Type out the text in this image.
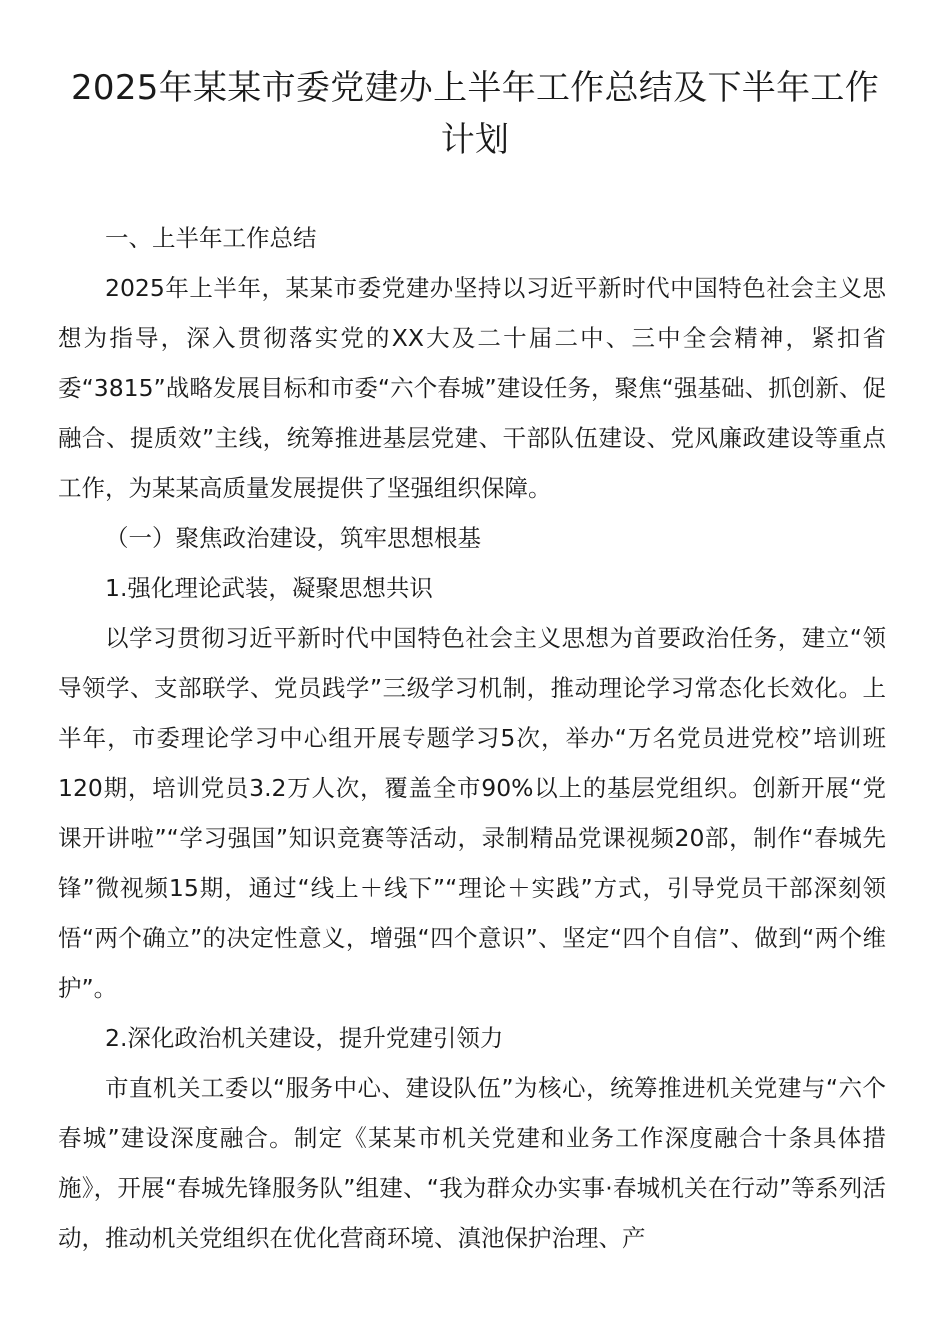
2025年某某市委党建办上半年工作总结及下半年工作计划

一、上半年工作总结

2025年上半年，某某市委党建办坚持以习近平新时代中国特色社会主义思想为指导，深入贯彻落实党的XX大及二十届二中、三中全会精神，紧扣省委“3815”战略发展目标和市委“六个春城”建设任务，聚焦“强基础、抓创新、促融合、提质效”主线，统筹推进基层党建、干部队伍建设、党风廉政建设等重点工作，为某某高质量发展提供了坚强组织保障。

（一）聚焦政治建设，筑牢思想根基

1.强化理论武装，凝聚思想共识

以学习贯彻习近平新时代中国特色社会主义思想为首要政治任务，建立“领导领学、支部联学、党员践学”三级学习机制，推动理论学习常态化长效化。上半年，市委理论学习中心组开展专题学习5次，举办“万名党员进党校”培训班120期，培训党员3.2万人次，覆盖全市90%以上的基层党组织。创新开展“党课开讲啦”“学习强国”知识竞赛等活动，录制精品党课视频20部，制作“春城先锋”微视频15期，通过“线上＋线下”“理论＋实践”方式，引导党员干部深刻领悟“两个确立”的决定性意义，增强“四个意识”、坚定“四个自信”、做到“两个维护”。

2.深化政治机关建设，提升党建引领力

市直机关工委以“服务中心、建设队伍”为核心，统筹推进机关党建与“六个春城”建设深度融合。制定《某某市机关党建和业务工作深度融合十条具体措施》，开展“春城先锋服务队”组建、“我为群众办实事·春城机关在行动”等系列活动，推动机关党组织在优化营商环境、滇池保护治理、产
